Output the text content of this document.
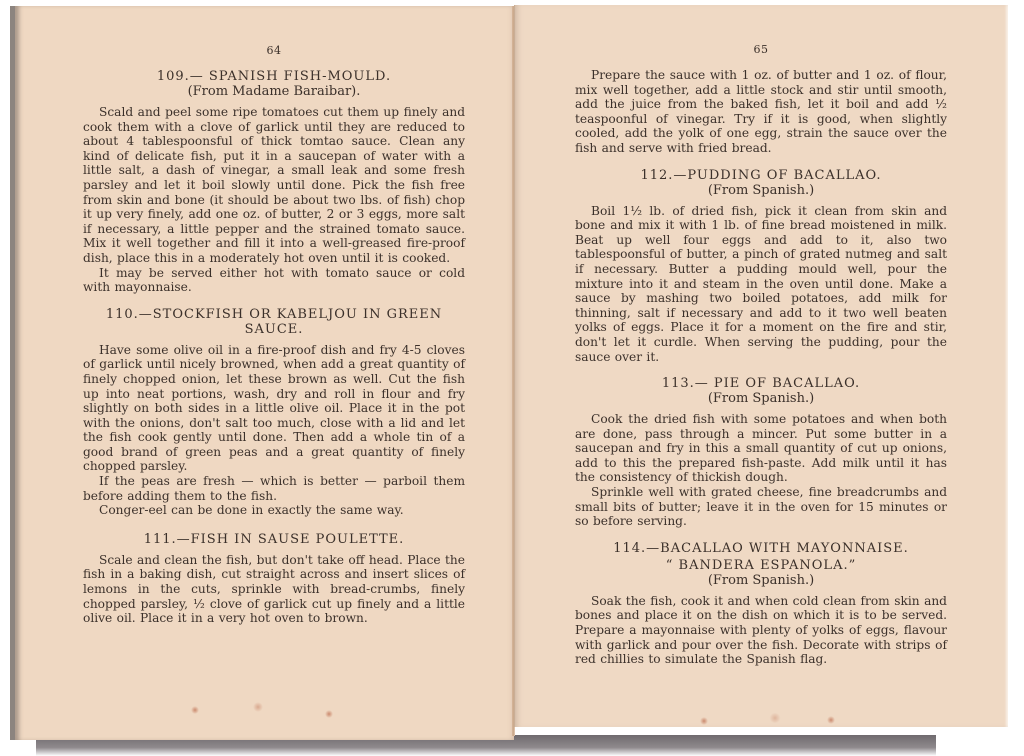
64
109.— SPANISH FISH-MOULD.
(From Madame Baraibar).

Scald and peel some ripe tomatoes cut them up finely and cook them with a clove of garlick until they are reduced to about 4 tablespoonsful of thick tomtao sauce. Clean any kind of delicate fish, put it in a saucepan of water with a little salt, a dash of vinegar, a small leak and some fresh parsley and let it boil slowly until done. Pick the fish free from skin and bone (it should be about two lbs. of fish) chop it up very finely, add one oz. of butter, 2 or 3 eggs, more salt if necessary, a little pepper and the strained tomato sauce. Mix it well together and fill it into a well-greased fire-proof dish, place this in a moderately hot oven until it is cooked.

It may be served either hot with tomato sauce or cold with mayonnaise.

110.—STOCKFISH OR KABELJOU IN GREEN SAUCE.

Have some olive oil in a fire-proof dish and fry 4-5 cloves of garlick until nicely browned, when add a great quantity of finely chopped onion, let these brown as well. Cut the fish up into neat portions, wash, dry and roll in flour and fry slightly on both sides in a little olive oil. Place it in the pot with the onions, don't salt too much, close with a lid and let the fish cook gently until done. Then add a whole tin of a good brand of green peas and a great quantity of finely chopped parsley.

If the peas are fresh — which is better — parboil them before adding them to the fish.

Conger-eel can be done in exactly the same way.

111.—FISH IN SAUSE POULETTE.

Scale and clean the fish, but don't take off head. Place the fish in a baking dish, cut straight across and insert slices of lemons in the cuts, sprinkle with bread-crumbs, finely chopped parsley, ½ clove of garlick cut up finely and a little olive oil. Place it in a very hot oven to brown.

65

Prepare the sauce with 1 oz. of butter and 1 oz. of flour, mix well together, add a little stock and stir until smooth, add the juice from the baked fish, let it boil and add ½ teaspoonful of vinegar. Try if it is good, when slightly cooled, add the yolk of one egg, strain the sauce over the fish and serve with fried bread.

112.—PUDDING OF BACALLAO.
(From Spanish.)

Boil 1½ lb. of dried fish, pick it clean from skin and bone and mix it with 1 lb. of fine bread moistened in milk. Beat up well four eggs and add to it, also two tablespoonsful of butter, a pinch of grated nutmeg and salt if necessary. Butter a pudding mould well, pour the mixture into it and steam in the oven until done. Make a sauce by mashing two boiled potatoes, add milk for thinning, salt if necessary and add to it two well beaten yolks of eggs. Place it for a moment on the fire and stir, don't let it curdle. When serving the pudding, pour the sauce over it.

113.— PIE OF BACALLAO.
(From Spanish.)

Cook the dried fish with some potatoes and when both are done, pass through a mincer. Put some butter in a saucepan and fry in this a small quantity of cut up onions, add to this the prepared fish-paste. Add milk until it has the consistency of thickish dough.

Sprinkle well with grated cheese, fine breadcrumbs and small bits of butter; leave it in the oven for 15 minutes or so before serving.

114.—BACALLAO WITH MAYONNAISE.
“ BANDERA ESPANOLA.”
(From Spanish.)

Soak the fish, cook it and when cold clean from skin and bones and place it on the dish on which it is to be served. Prepare a mayonnaise with plenty of yolks of eggs, flavour with garlick and pour over the fish. Decorate with strips of red chillies to simulate the Spanish flag.
